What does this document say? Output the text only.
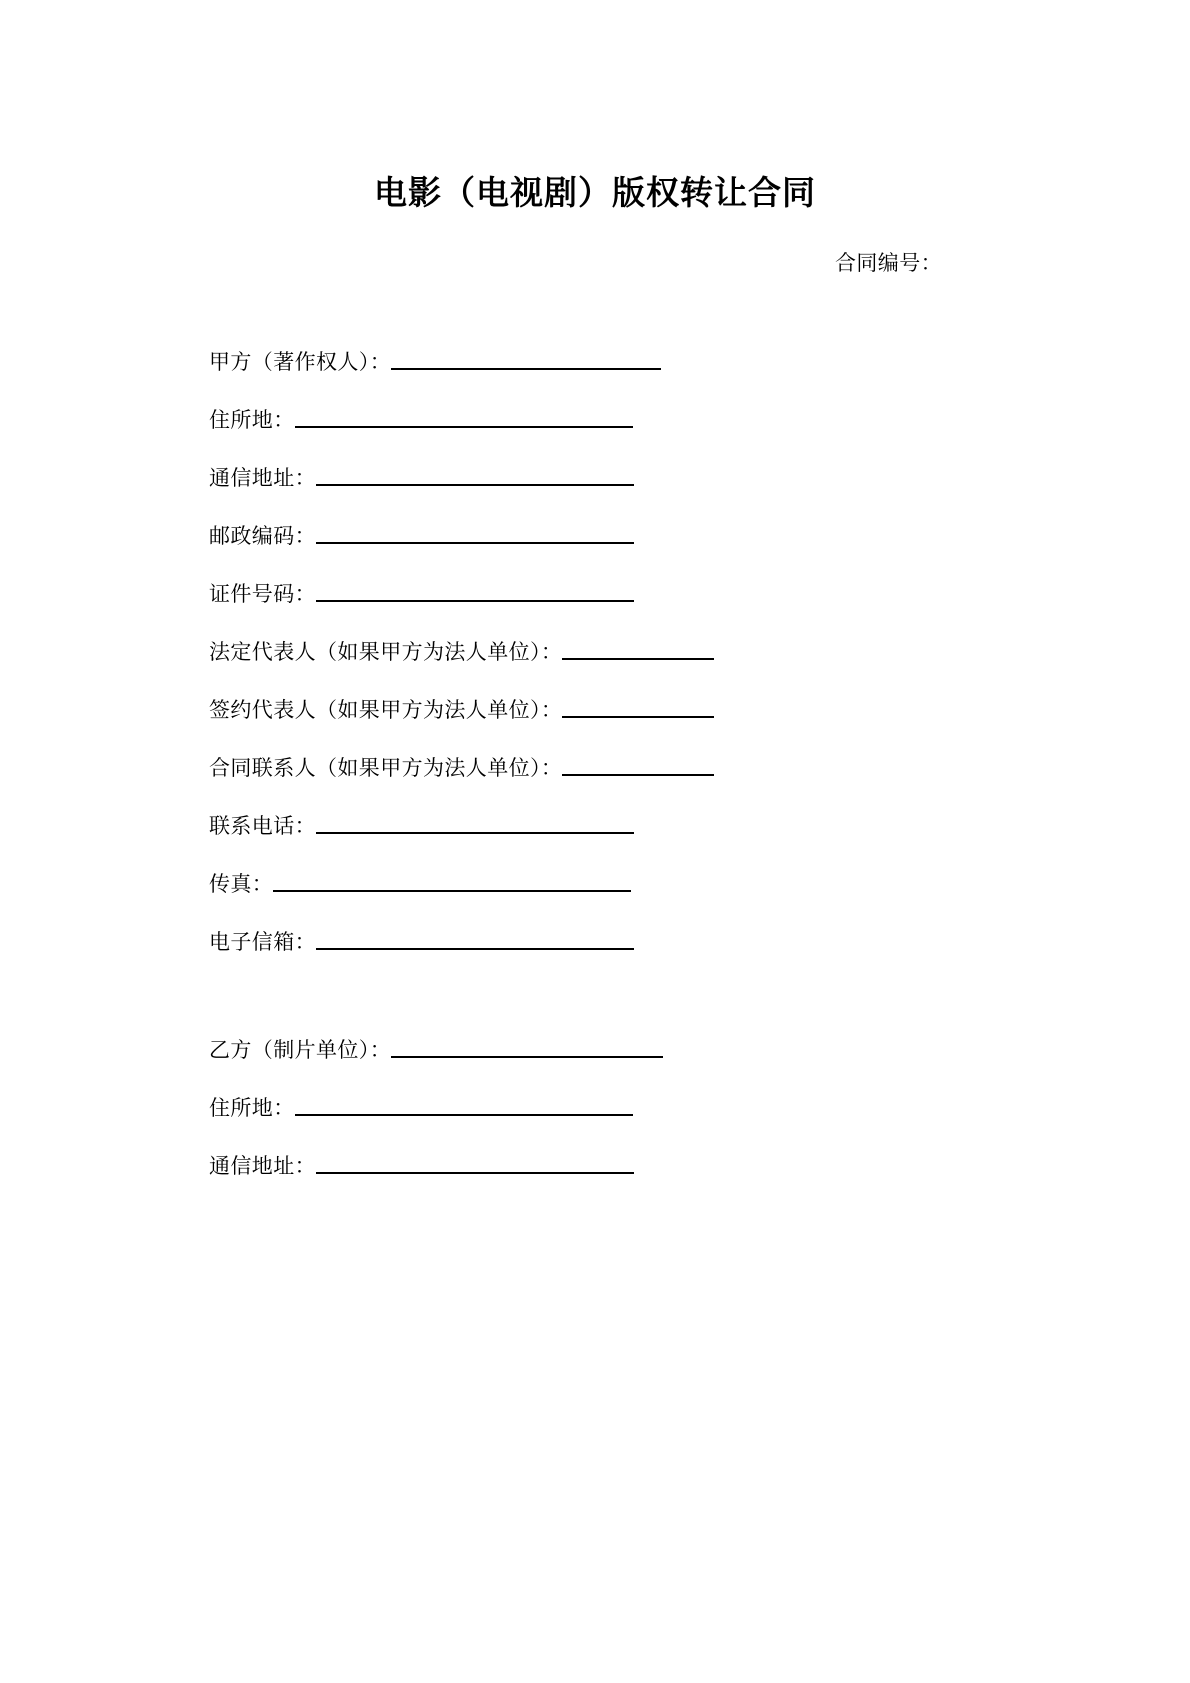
电影（电视剧）版权转让合同
合同编号：
甲方（著作权人）：
住所地：
通信地址：
邮政编码：
证件号码：
法定代表人（如果甲方为法人单位）：
签约代表人（如果甲方为法人单位）：
合同联系人（如果甲方为法人单位）：
联系电话：
传真：
电子信箱：
乙方（制片单位）：
住所地：
通信地址：
